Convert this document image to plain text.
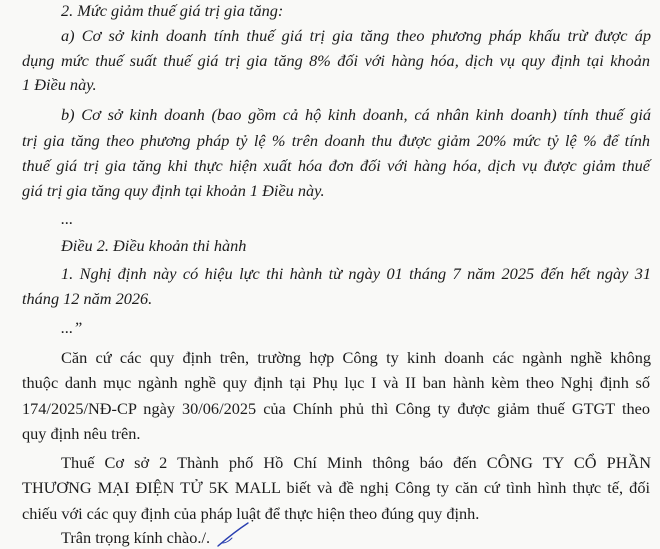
2. Mức giảm thuế giá trị gia tăng:
a) Cơ sở kinh doanh tính thuế giá trị gia tăng theo phương pháp khấu trừ được áp
dụng mức thuế suất thuế giá trị gia tăng 8% đối với hàng hóa, dịch vụ quy định tại khoản
1 Điều này.
b) Cơ sở kinh doanh (bao gồm cả hộ kinh doanh, cá nhân kinh doanh) tính thuế giá
trị gia tăng theo phương pháp tỷ lệ % trên doanh thu được giảm 20% mức tỷ lệ % để tính
thuế giá trị gia tăng khi thực hiện xuất hóa đơn đối với hàng hóa, dịch vụ được giảm thuế
giá trị gia tăng quy định tại khoản 1 Điều này.
...
Điều 2. Điều khoản thi hành
1. Nghị định này có hiệu lực thi hành từ ngày 01 tháng 7 năm 2025 đến hết ngày 31
tháng 12 năm 2026.
...”
Căn cứ các quy định trên, trường hợp Công ty kinh doanh các ngành nghề không
thuộc danh mục ngành nghề quy định tại Phụ lục I và II ban hành kèm theo Nghị định số
174/2025/NĐ-CP ngày 30/06/2025 của Chính phủ thì Công ty được giảm thuế GTGT theo
quy định nêu trên.
Thuế Cơ sở 2 Thành phố Hồ Chí Minh thông báo đến CÔNG TY CỔ PHẦN
THƯƠNG MẠI ĐIỆN TỬ 5K MALL biết và đề nghị Công ty căn cứ tình hình thực tế, đối
chiếu với các quy định của pháp luật để thực hiện theo đúng quy định.
Trân trọng kính chào./.
